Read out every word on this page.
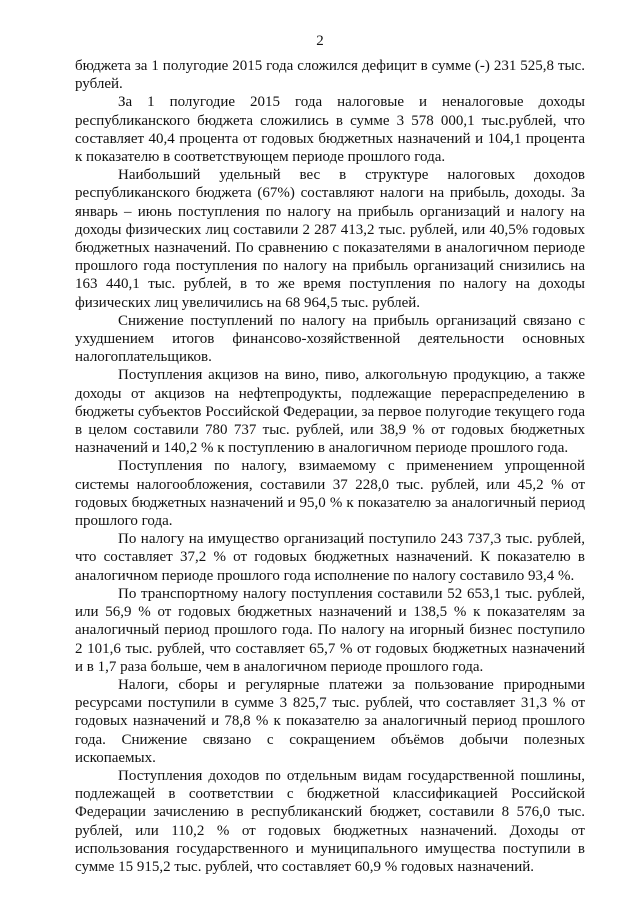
2

бюджета за 1 полугодие 2015 года сложился дефицит в сумме (-) 231 525,8 тыс. рублей.

За 1 полугодие 2015 года налоговые и неналоговые доходы республиканского бюджета сложились в сумме 3 578 000,1 тыс.рублей, что составляет 40,4 процента от годовых бюджетных назначений и 104,1 процента к показателю в соответствующем периоде прошлого года.

Наибольший удельный вес в структуре налоговых доходов республиканского бюджета (67%) составляют налоги на прибыль, доходы. За январь – июнь поступления по налогу на прибыль организаций и налогу на доходы физических лиц составили 2 287 413,2 тыс. рублей, или 40,5% годовых бюджетных назначений. По сравнению с показателями в аналогичном периоде прошлого года поступления по налогу на прибыль организаций снизились на 163 440,1 тыс. рублей, в то же время поступления по налогу на доходы физических лиц увеличились на 68 964,5 тыс. рублей.

Снижение поступлений по налогу на прибыль организаций связано с ухудшением итогов финансово-хозяйственной деятельности основных налогоплательщиков.

Поступления акцизов на вино, пиво, алкогольную продукцию, а также доходы от акцизов на нефтепродукты, подлежащие перераспределению в бюджеты субъектов Российской Федерации, за первое полугодие текущего года в целом составили 780 737 тыс. рублей, или 38,9 % от годовых бюджетных назначений и 140,2 % к поступлению в аналогичном периоде прошлого года.

Поступления по налогу, взимаемому с применением упрощенной системы налогообложения, составили 37 228,0 тыс. рублей, или 45,2 % от годовых бюджетных назначений и 95,0 % к показателю за аналогичный период прошлого года.

По налогу на имущество организаций поступило 243 737,3 тыс. рублей, что составляет 37,2 % от годовых бюджетных назначений. К показателю в аналогичном периоде прошлого года исполнение по налогу составило 93,4 %.

По транспортному налогу поступления составили 52 653,1 тыс. рублей, или 56,9 % от годовых бюджетных назначений и 138,5 % к показателям за аналогичный период прошлого года. По налогу на игорный бизнес поступило 2 101,6 тыс. рублей, что составляет 65,7 % от годовых бюджетных назначений и в 1,7 раза больше, чем в аналогичном периоде прошлого года.

Налоги, сборы и регулярные платежи за пользование природными ресурсами поступили в сумме 3 825,7 тыс. рублей, что составляет 31,3 % от годовых назначений и 78,8 % к показателю за аналогичный период прошлого года. Снижение связано с сокращением объёмов добычи полезных ископаемых.

Поступления доходов по отдельным видам государственной пошлины, подлежащей в соответствии с бюджетной классификацией Российской Федерации зачислению в республиканский бюджет, составили 8 576,0 тыс. рублей, или 110,2 % от годовых бюджетных назначений. Доходы от использования государственного и муниципального имущества поступили в сумме 15 915,2 тыс. рублей, что составляет 60,9 % годовых назначений.
